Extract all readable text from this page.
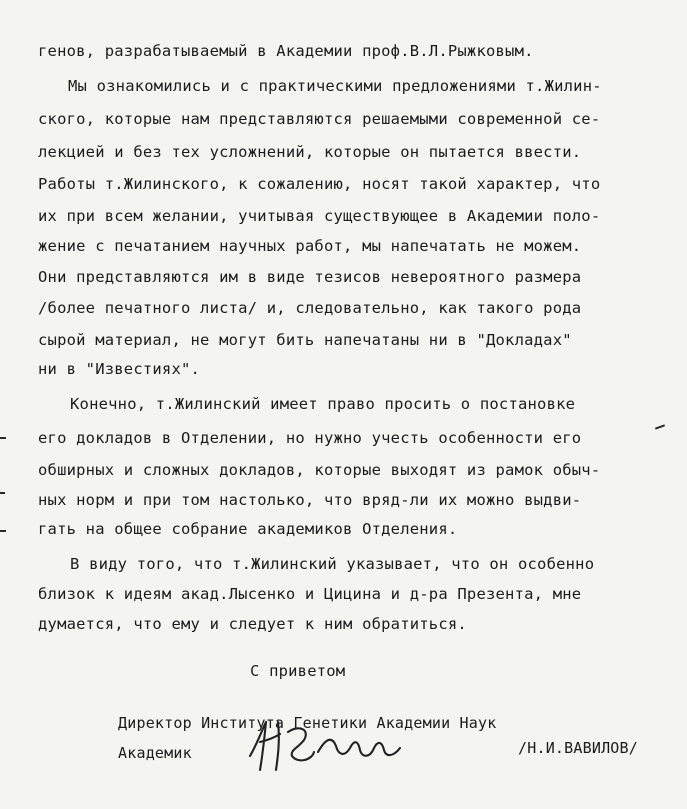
генов, разрабатываемый в Академии проф.В.Л.Рыжковым.
Мы ознакомились и с практическими предложениями т.Жилин-
ского, которые нам представляются решаемыми современной се-
лекцией и без тех усложнений, которые он пытается ввести.
Работы т.Жилинского, к сожалению, носят такой характер, что
их при всем желании, учитывая существующее в Академии поло-
жение с печатанием научных работ, мы напечатать не можем.
Они представляются им в виде тезисов невероятного размера
/более печатного листа/ и, следовательно, как такого рода
сырой материал, не могут бить напечатаны ни в "Докладах"
ни в "Известиях".
Конечно, т.Жилинский имеет право просить о постановке
его докладов в Отделении, но нужно учесть особенности его
обширных и сложных докладов, которые выходят из рамок обыч-
ных норм и при том настолько, что вряд-ли их можно выдви-
гать на общее собрание академиков Отделения.
В виду того, что т.Жилинский указывает, что он особенно
близок к идеям акад.Лысенко и Цицина и д-ра Презента, мне
думается, что ему и следует к ним обратиться.
С приветом
Директор Института Генетики Академии Наук
Академик	/Н.И.ВАВИЛОВ/
